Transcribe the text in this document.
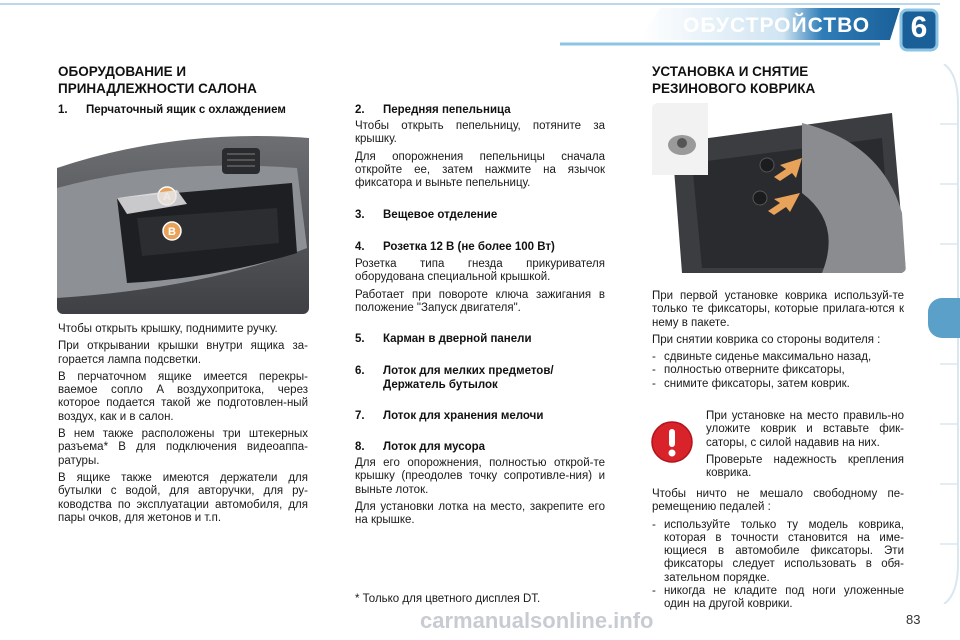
ОБУСТРОЙСТВО	6
ОБОРУДОВАНИЕ И
ПРИНАДЛЕЖНОСТИ САЛОНА
1. Перчаточный ящик с охлаждением
B

Чтобы открыть крышку, поднимите ручку.

При открывании крышки внутри ящика за-горается лампа подсветки.

В перчаточном ящике имеется перекры-ваемое сопло A воздухопритока, через которое подается такой же подготовлен-ный воздух, как и в салон.

В нем также расположены три штекерных разъема* B для подключения видеоаппа-ратуры.

В ящике также имеются держатели для бутылки с водой, для авторучки, для ру-ководства по эксплуатации автомобиля, для пары очков, для жетонов и т.п.

2. Передняя пепельница

Чтобы открыть пепельницу, потяните за крышку.

Для опорожнения пепельницы сначала откройте ее, затем нажмите на язычок фиксатора и выньте пепельницу.

3. Вещевое отделение
4. Розетка 12 В (не более 100 Вт)

Розетка типа гнезда прикуривателя оборудована специальной крышкой.

Работает при повороте ключа зажигания в положение "Запуск двигателя".

5. Карман в дверной панели
6. Лоток для мелких предметов/
Держатель бутылок
7. Лоток для хранения мелочи
8. Лоток для мусора

Для его опорожнения, полностью открой-те крышку (преодолев точку сопротивле-ния) и выньте лоток.

Для установки лотка на место, закрепите его на крышке.

* Только для цветного дисплея DT.
УСТАНОВКА И СНЯТИЕ
РЕЗИНОВОГО КОВРИКА

При первой установке коврика используй-те только те фиксаторы, которые прилага-ются к нему в пакете.

При снятии коврика со стороны водителя :

- сдвиньте сиденье максимально назад,
- полностью отверните фиксаторы,
- снимите фиксаторы, затем коврик.

При установке на место правиль-но уложите коврик и вставьте фик-саторы, с силой надавив на них.

Проверьте надежность крепления коврика.

Чтобы ничто не мешало свободному пе-ремещению педалей :

- используйте только ту модель коврика, которая в точности становится на име-ющиеся в автомобиле фиксаторы. Эти фиксаторы следует использовать в обя-зательном порядке.
- никогда не кладите под ноги уложенные один на другой коврики.
carmanualsonline.info	83
